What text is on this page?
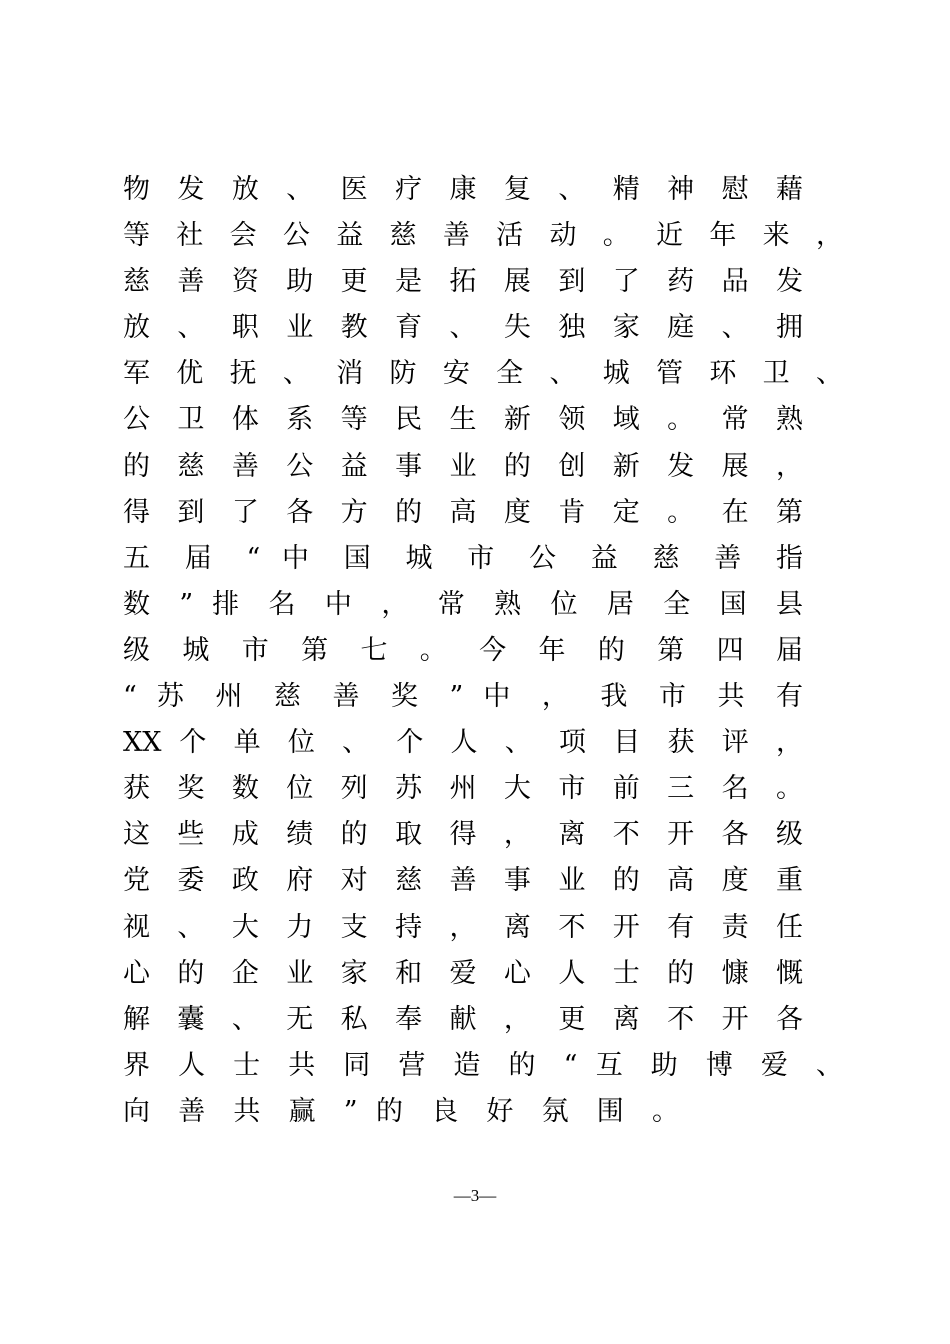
物 发 放 、 医 疗 康 复 、 精 神 慰 藉
等 社 会 公 益 慈 善 活 动 。 近 年 来 ，
慈 善 资 助 更 是 拓 展 到 了 药 品 发
放 、 职 业 教 育 、 失 独 家 庭 、 拥
军 优 抚 、 消 防 安 全 、 城 管 环 卫 、
公 卫 体 系 等 民 生 新 领 域 。 常 熟
的 慈 善 公 益 事 业 的 创 新 发 展 ，
得 到 了 各 方 的 高 度 肯 定 。 在 第
五 届 “ 中 国 城 市 公 益 慈 善 指
数 ” 排 名 中 ， 常 熟 位 居 全 国 县
级 城 市 第 七 。 今 年 的 第 四 届
“ 苏 州 慈 善 奖 ” 中 ， 我 市 共 有
XX 个 单 位 、 个 人 、 项 目 获 评 ，
获 奖 数 位 列 苏 州 大 市 前 三 名 。
这 些 成 绩 的 取 得 ， 离 不 开 各 级
党 委 政 府 对 慈 善 事 业 的 高 度 重
视 、 大 力 支 持 ， 离 不 开 有 责 任
心 的 企 业 家 和 爱 心 人 士 的 慷 慨
解 囊 、 无 私 奉 献 ， 更 离 不 开 各
界 人 士 共 同 营 造 的 “ 互 助 博 爱 、
向 善 共 赢 ” 的 良 好 氛 围 。
—3—
